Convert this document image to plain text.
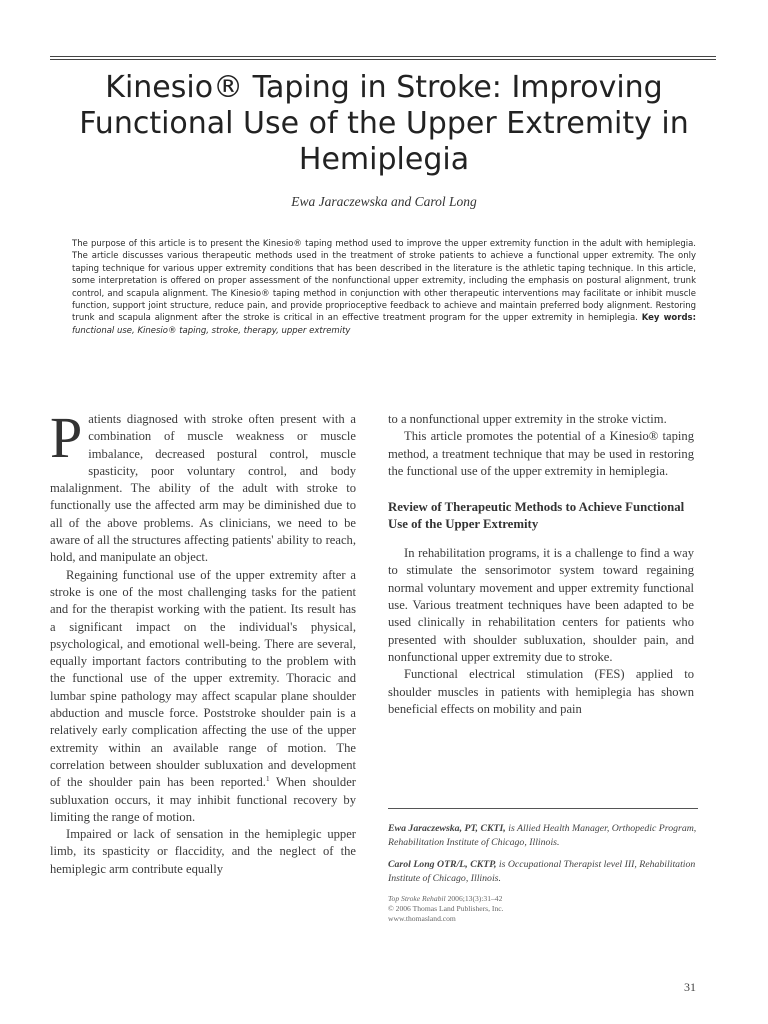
Kinesio® Taping in Stroke: Improving Functional Use of the Upper Extremity in Hemiplegia
Ewa Jaraczewska and Carol Long
The purpose of this article is to present the Kinesio® taping method used to improve the upper extremity function in the adult with hemiplegia. The article discusses various therapeutic methods used in the treatment of stroke patients to achieve a functional upper extremity. The only taping technique for various upper extremity conditions that has been described in the literature is the athletic taping technique. In this article, some interpretation is offered on proper assessment of the nonfunctional upper extremity, including the emphasis on postural alignment, trunk control, and scapula alignment. The Kinesio® taping method in conjunction with other therapeutic interventions may facilitate or inhibit muscle function, support joint structure, reduce pain, and provide proprioceptive feedback to achieve and maintain preferred body alignment. Restoring trunk and scapula alignment after the stroke is critical in an effective treatment program for the upper extremity in hemiplegia. Key words: functional use, Kinesio® taping, stroke, therapy, upper extremity

Patients diagnosed with stroke often present with a combination of muscle weakness or muscle imbalance, decreased postural control, muscle spasticity, poor voluntary control, and body malalignment. The ability of the adult with stroke to functionally use the affected arm may be diminished due to all of the above problems. As clinicians, we need to be aware of all the structures affecting patients' ability to reach, hold, and manipulate an object.

Regaining functional use of the upper extremity after a stroke is one of the most challenging tasks for the patient and for the therapist working with the patient. Its result has a significant impact on the individual's physical, psychological, and emotional well-being. There are several, equally important factors contributing to the problem with the functional use of the upper extremity. Thoracic and lumbar spine pathology may affect scapular plane shoulder abduction and muscle force. Poststroke shoulder pain is a relatively early complication affecting the use of the upper extremity within an available range of motion. The correlation between shoulder subluxation and development of the shoulder pain has been reported.$^1$ When shoulder subluxation occurs, it may inhibit functional recovery by limiting the range of motion.

Impaired or lack of sensation in the hemiplegic upper limb, its spasticity or flaccidity, and the neglect of the hemiplegic arm contribute equally

to a nonfunctional upper extremity in the stroke victim.

This article promotes the potential of a Kinesio® taping method, a treatment technique that may be used in restoring the functional use of the upper extremity in hemiplegia.

Review of Therapeutic Methods to Achieve Functional Use of the Upper Extremity

In rehabilitation programs, it is a challenge to find a way to stimulate the sensorimotor system toward regaining normal voluntary movement and upper extremity functional use. Various treatment techniques have been adapted to be used clinically in rehabilitation centers for patients who presented with shoulder subluxation, shoulder pain, and nonfunctional upper extremity due to stroke.

Functional electrical stimulation (FES) applied to shoulder muscles in patients with hemiplegia has shown beneficial effects on mobility and pain

Ewa Jaraczewska, PT, CKTI, is Allied Health Manager, Orthopedic Program, Rehabilitation Institute of Chicago, Illinois.
Carol Long OTR/L, CKTP, is Occupational Therapist level III, Rehabilitation Institute of Chicago, Illinois.
Top Stroke Rehabil 2006;13(3):31–42
© 2006 Thomas Land Publishers, Inc.
www.thomasland.com
31
